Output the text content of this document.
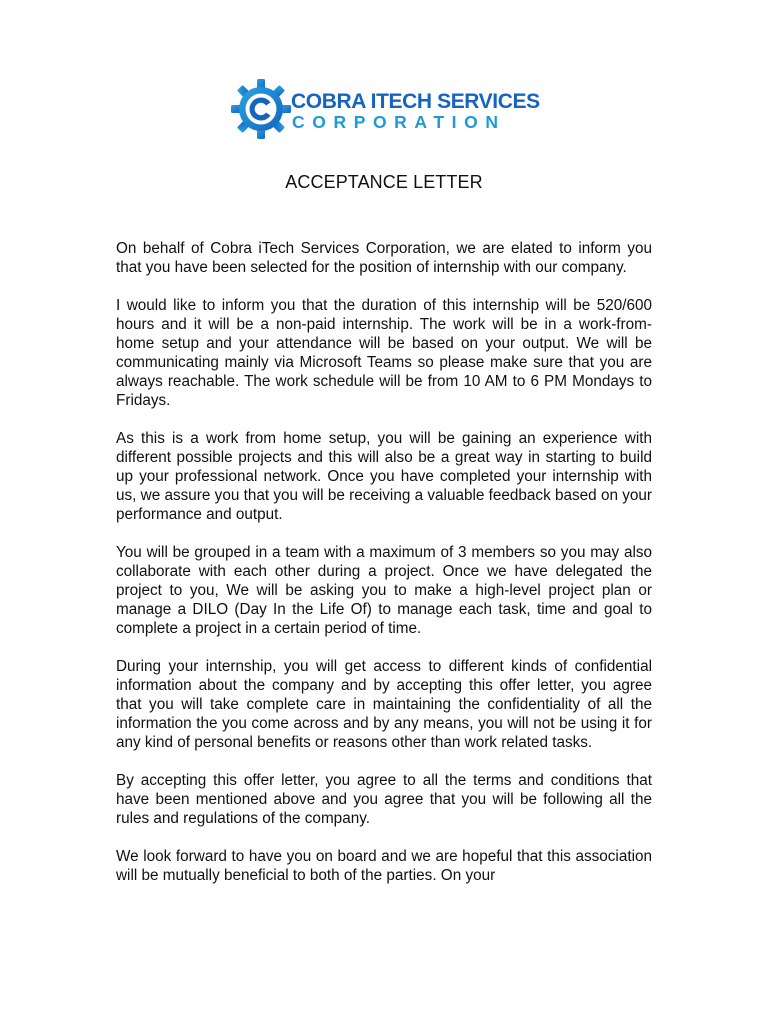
COBRA ITECH SERVICES
CORPORATION
ACCEPTANCE LETTER

On behalf of Cobra iTech Services Corporation, we are elated to inform you that you have been selected for the position of internship with our company.

I would like to inform you that the duration of this internship will be 520/600 hours and it will be a non-paid internship. The work will be in a work-from-home setup and your attendance will be based on your output. We will be communicating mainly via Microsoft Teams so please make sure that you are always reachable. The work schedule will be from 10 AM to 6 PM Mondays to Fridays.

As this is a work from home setup, you will be gaining an experience with different possible projects and this will also be a great way in starting to build up your professional network. Once you have completed your internship with us, we assure you that you will be receiving a valuable feedback based on your performance and output.

You will be grouped in a team with a maximum of 3 members so you may also collaborate with each other during a project. Once we have delegated the project to you, We will be asking you to make a high-level project plan or manage a DILO (Day In the Life Of) to manage each task, time and goal to complete a project in a certain period of time.

During your internship, you will get access to different kinds of confidential information about the company and by accepting this offer letter, you agree that you will take complete care in maintaining the confidentiality of all the information the you come across and by any means, you will not be using it for any kind of personal benefits or reasons other than work related tasks.

By accepting this offer letter, you agree to all the terms and conditions that have been mentioned above and you agree that you will be following all the rules and regulations of the company.

We look forward to have you on board and we are hopeful that this association will be mutually beneficial to both of the parties. On your
